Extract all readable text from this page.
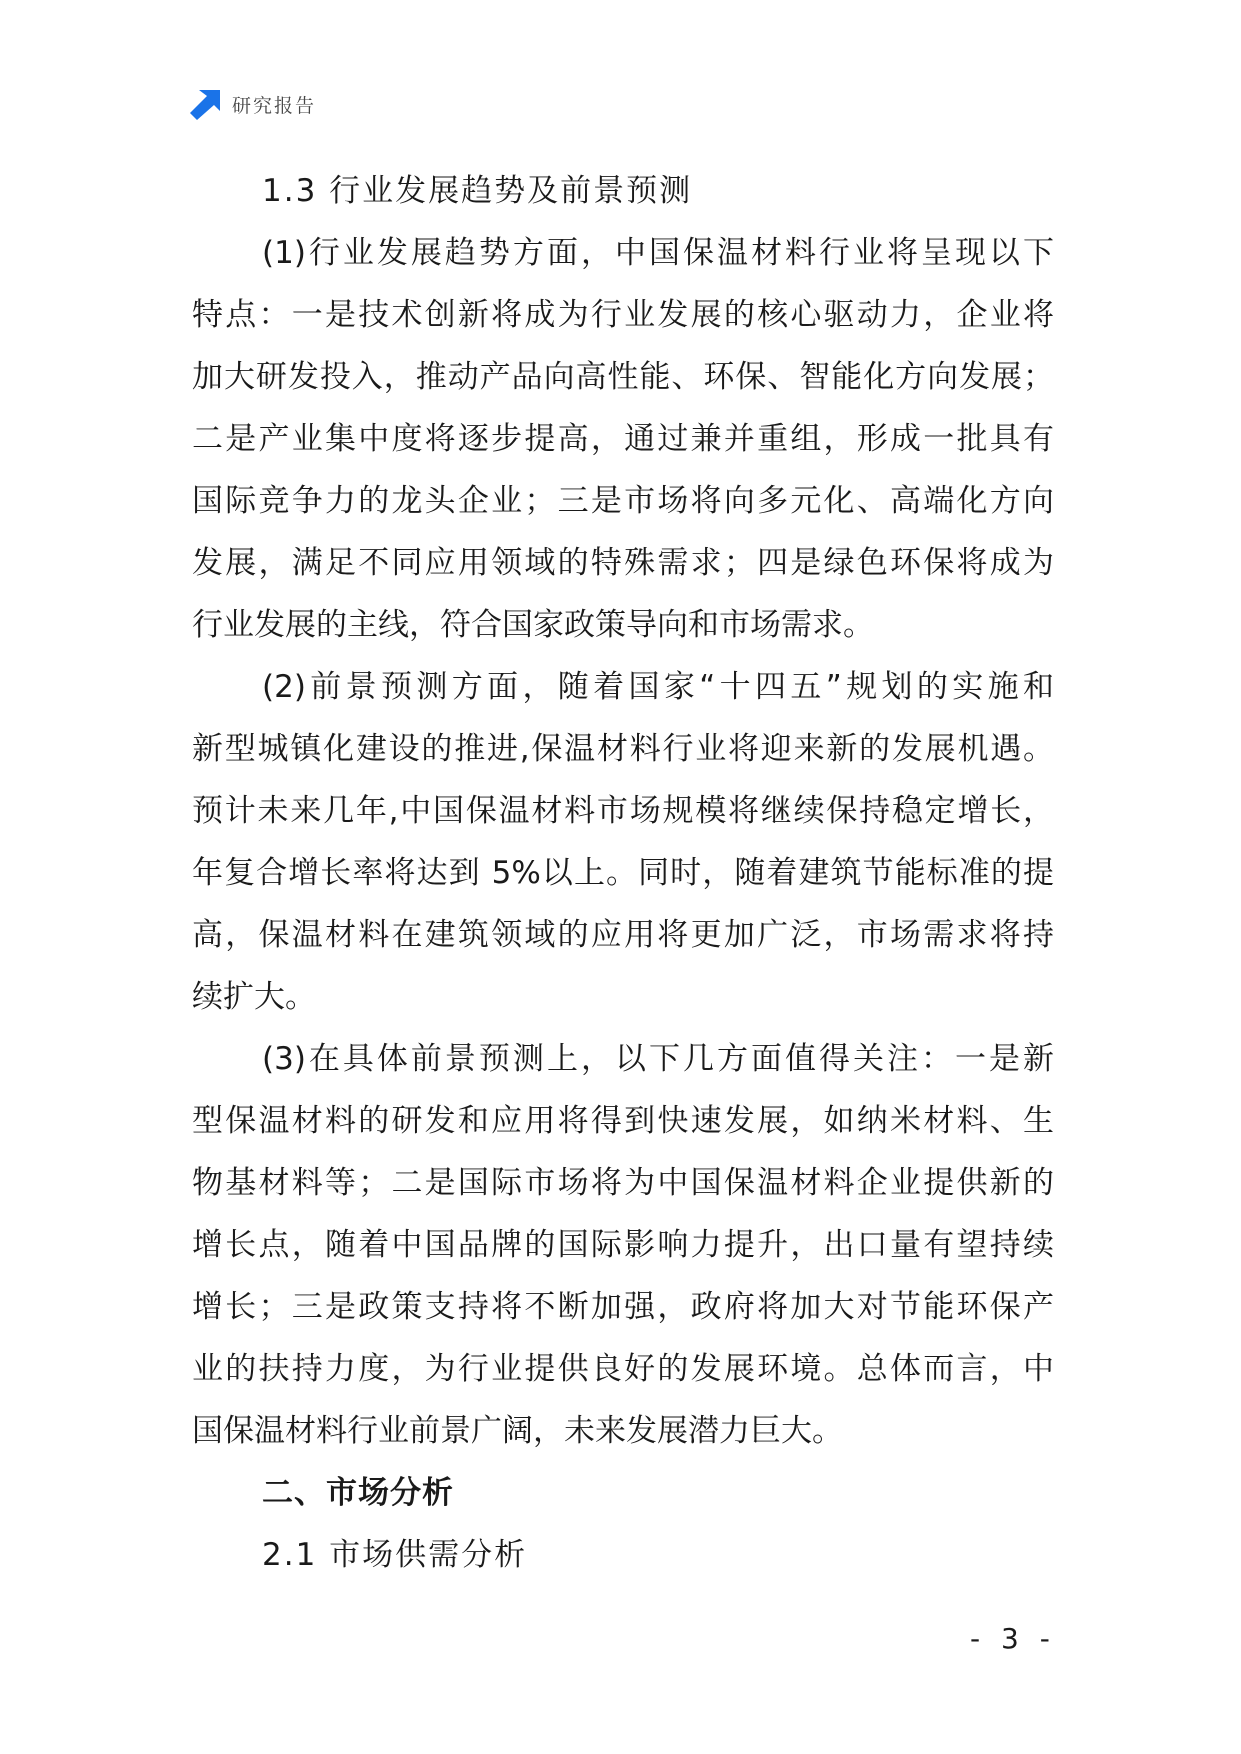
研究报告
1.3 行业发展趋势及前景预测
(1)行业发展趋势方面，中国保温材料行业将呈现以下
特点：一是技术创新将成为行业发展的核心驱动力，企业将
加大研发投入，推动产品向高性能、环保、智能化方向发展；
二是产业集中度将逐步提高，通过兼并重组，形成一批具有
国际竞争力的龙头企业；三是市场将向多元化、高端化方向
发展，满足不同应用领域的特殊需求；四是绿色环保将成为
行业发展的主线，符合国家政策导向和市场需求。
(2)前景预测方面，随着国家“十四五”规划的实施和
新型城镇化建设的推进,保温材料行业将迎来新的发展机遇。
预计未来几年,中国保温材料市场规模将继续保持稳定增长，
年复合增长率将达到 5%以上。同时，随着建筑节能标准的提
高，保温材料在建筑领域的应用将更加广泛，市场需求将持
续扩大。
(3)在具体前景预测上，以下几方面值得关注：一是新
型保温材料的研发和应用将得到快速发展，如纳米材料、生
物基材料等；二是国际市场将为中国保温材料企业提供新的
增长点，随着中国品牌的国际影响力提升，出口量有望持续
增长；三是政策支持将不断加强，政府将加大对节能环保产
业的扶持力度，为行业提供良好的发展环境。总体而言，中
国保温材料行业前景广阔，未来发展潜力巨大。
二、市场分析
2.1 市场供需分析
- 3 -
